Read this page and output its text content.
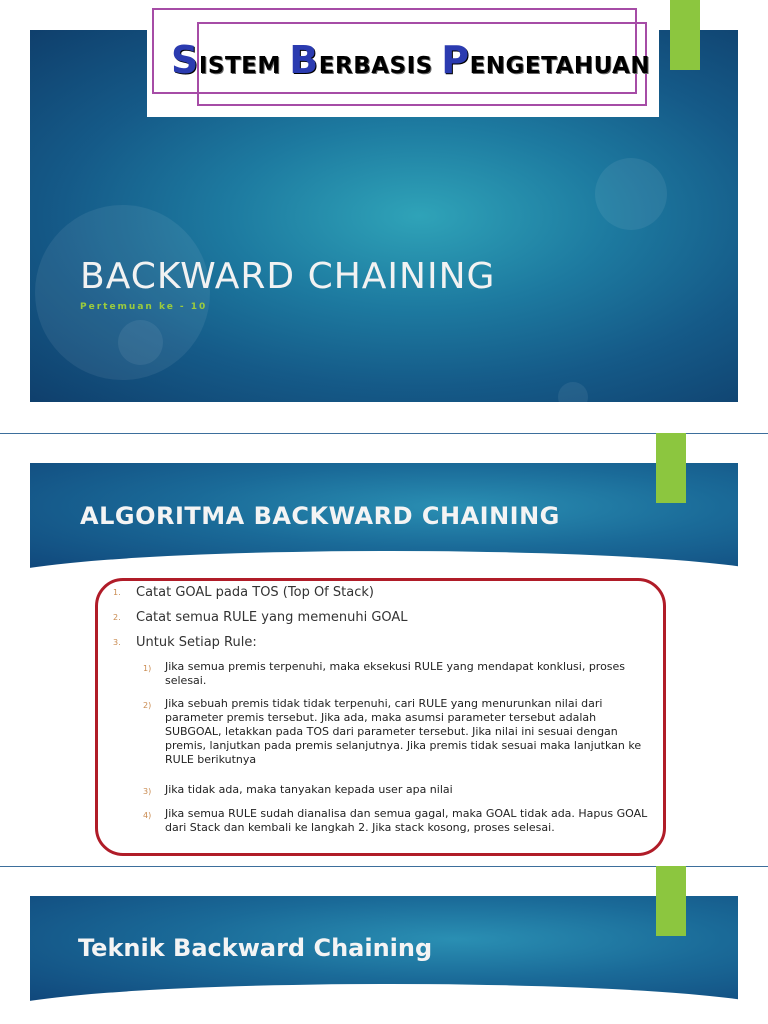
SISTEM BERBASIS PENGETAHUAN
BACKWARD CHAINING
Pertemuan ke - 10
ALGORITMA BACKWARD CHAINING
1. Catat GOAL pada TOS (Top Of Stack)
2. Catat semua RULE yang memenuhi GOAL
3. Untuk Setiap Rule:
1) Jika semua premis terpenuhi, maka eksekusi RULE yang mendapat konklusi, proses selesai.
2) Jika sebuah premis tidak tidak terpenuhi, cari RULE yang menurunkan nilai dari parameter premis tersebut. Jika ada, maka asumsi parameter tersebut adalah SUBGOAL, letakkan pada TOS dari parameter tersebut. Jika nilai ini sesuai dengan premis, lanjutkan pada premis selanjutnya. Jika premis tidak sesuai maka lanjutkan ke RULE berikutnya
3) Jika tidak ada, maka tanyakan kepada user apa nilai
4) Jika semua RULE sudah dianalisa dan semua gagal, maka GOAL tidak ada. Hapus GOAL dari Stack dan kembali ke langkah 2. Jika stack kosong, proses selesai.
Teknik Backward Chaining
